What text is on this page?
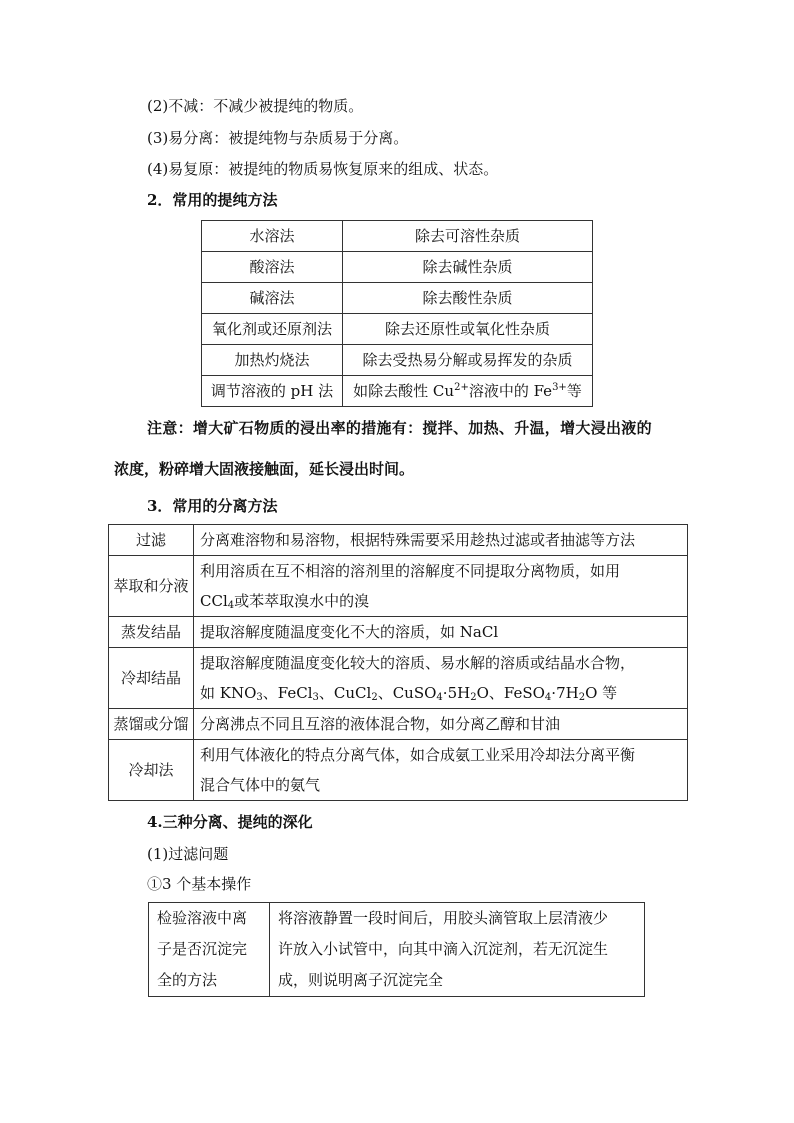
(2)不减：不减少被提纯的物质。
(3)易分离：被提纯物与杂质易于分离。
(4)易复原：被提纯的物质易恢复原来的组成、状态。
2．常用的提纯方法
水溶法	除去可溶性杂质
酸溶法	除去碱性杂质
碱溶法	除去酸性杂质
氧化剂或还原剂法	除去还原性或氧化性杂质
加热灼烧法	除去受热易分解或易挥发的杂质
调节溶液的 pH 法	如除去酸性 $Cu^{2+}$溶液中的 $Fe^{3+}$等
注意：增大矿石物质的浸出率的措施有：搅拌、加热、升温，增大浸出液的
浓度，粉碎增大固液接触面，延长浸出时间。
3．常用的分离方法
过滤	分离难溶物和易溶物，根据特殊需要采用趁热过滤或者抽滤等方法
萃取和分液	利用溶质在互不相溶的溶剂里的溶解度不同提取分离物质，如用
CCl$_4$或苯萃取溴水中的溴
蒸发结晶	提取溶解度随温度变化不大的溶质，如 NaCl
冷却结晶	提取溶解度随温度变化较大的溶质、易水解的溶质或结晶水合物，
如 $KNO_3$、FeCl$_3$、CuCl$_2$、$CuSO_4\cdot 5H_2O$、$FeSO_4\cdot 7H_2O$ 等
蒸馏或分馏	分离沸点不同且互溶的液体混合物，如分离乙醇和甘油
冷却法	利用气体液化的特点分离气体，如合成氨工业采用冷却法分离平衡
混合气体中的氨气
4.三种分离、提纯的深化
(1)过滤问题
①3 个基本操作
检验溶液中离
子是否沉淀完
全的方法	将溶液静置一段时间后，用胶头滴管取上层清液少
许放入小试管中，向其中滴入沉淀剂，若无沉淀生
成，则说明离子沉淀完全
